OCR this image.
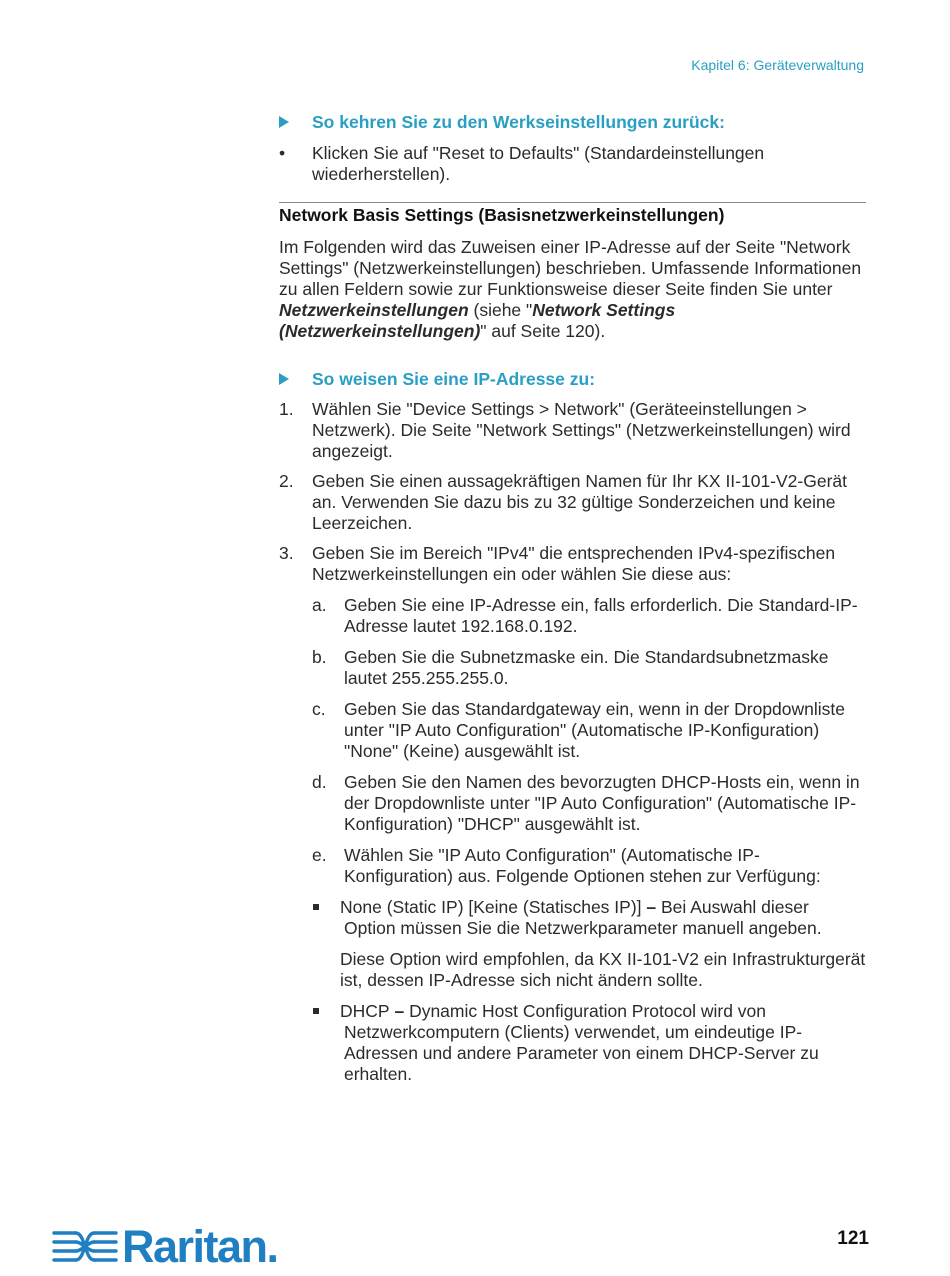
Kapitel 6: Geräteverwaltung
So kehren Sie zu den Werkseinstellungen zurück:
• Klicken Sie auf "Reset to Defaults" (Standardeinstellungen wiederherstellen).
Network Basis Settings (Basisnetzwerkeinstellungen)
Im Folgenden wird das Zuweisen einer IP-Adresse auf der Seite "Network Settings" (Netzwerkeinstellungen) beschrieben. Umfassende Informationen zu allen Feldern sowie zur Funktionsweise dieser Seite finden Sie unter Netzwerkeinstellungen (siehe "Network Settings (Netzwerkeinstellungen)" auf Seite 120).
So weisen Sie eine IP-Adresse zu:
1. Wählen Sie "Device Settings > Network" (Geräteeinstellungen > Netzwerk). Die Seite "Network Settings" (Netzwerkeinstellungen) wird angezeigt.
2. Geben Sie einen aussagekräftigen Namen für Ihr KX II-101-V2-Gerät an. Verwenden Sie dazu bis zu 32 gültige Sonderzeichen und keine Leerzeichen.
3. Geben Sie im Bereich "IPv4" die entsprechenden IPv4-spezifischen Netzwerkeinstellungen ein oder wählen Sie diese aus:
a. Geben Sie eine IP-Adresse ein, falls erforderlich. Die Standard-IP-Adresse lautet 192.168.0.192.
b. Geben Sie die Subnetzmaske ein. Die Standardsubnetzmaske lautet 255.255.255.0.
c. Geben Sie das Standardgateway ein, wenn in der Dropdownliste unter "IP Auto Configuration" (Automatische IP-Konfiguration) "None" (Keine) ausgewählt ist.
d. Geben Sie den Namen des bevorzugten DHCP-Hosts ein, wenn in der Dropdownliste unter "IP Auto Configuration" (Automatische IP-Konfiguration) "DHCP" ausgewählt ist.
e. Wählen Sie "IP Auto Configuration" (Automatische IP-Konfiguration) aus. Folgende Optionen stehen zur Verfügung:
None (Static IP) [Keine (Statisches IP)] – Bei Auswahl dieser
Option müssen Sie die Netzwerkparameter manuell angeben.
Diese Option wird empfohlen, da KX II-101-V2 ein Infrastrukturgerät ist, dessen IP-Adresse sich nicht ändern sollte.
DHCP – Dynamic Host Configuration Protocol wird von
Netzwerkcomputern (Clients) verwendet, um eindeutige IP-Adressen und andere Parameter von einem DHCP-Server zu erhalten.
Raritan.	121
